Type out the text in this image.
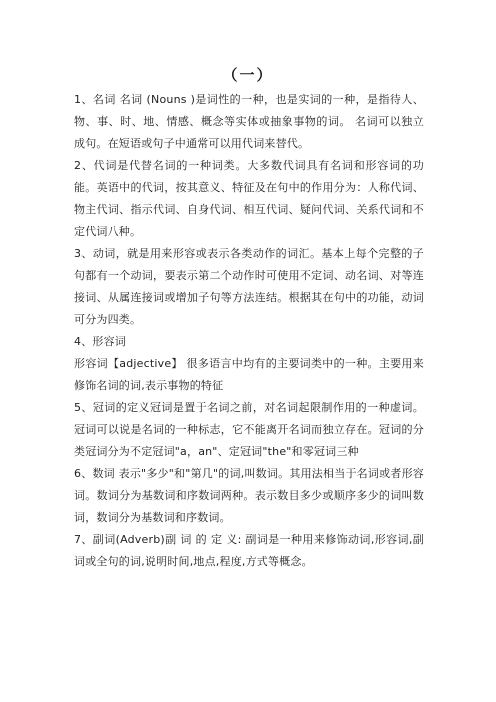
（一）

1、名词 名词 (Nouns )是词性的一种，也是实词的一种，是指待人、物、事、时、地、情感、概念等实体或抽象事物的词。 名词可以独立成句。在短语或句子中通常可以用代词来替代。

2、代词是代替名词的一种词类。大多数代词具有名词和形容词的功能。英语中的代词，按其意义、特征及在句中的作用分为：人称代词、物主代词、指示代词、自身代词、相互代词、疑问代词、关系代词和不定代词八种。

3、动词，就是用来形容或表示各类动作的词汇。基本上每个完整的子句都有一个动词，要表示第二个动作时可使用不定词、动名词、对等连接词、从属连接词或增加子句等方法连结。根据其在句中的功能，动词可分为四类。

4、形容词

形容词【adjective】 很多语言中均有的主要词类中的一种。主要用来修饰名词的词,表示事物的特征

5、冠词的定义冠词是置于名词之前，对名词起限制作用的一种虚词。冠词可以说是名词的一种标志，它不能离开名词而独立存在。冠词的分类冠词分为不定冠词"a，an"、定冠词"the"和零冠词三种

6、数词 表示"多少"和"第几"的词,叫数词。其用法相当于名词或者形容词。数词分为基数词和序数词两种。表示数目多少或顺序多少的词叫数词，数词分为基数词和序数词。

7、副词(Adverb)副 词 的 定 义: 副词是一种用来修饰动词,形容词,副词或全句的词,说明时间,地点,程度,方式等概念。
